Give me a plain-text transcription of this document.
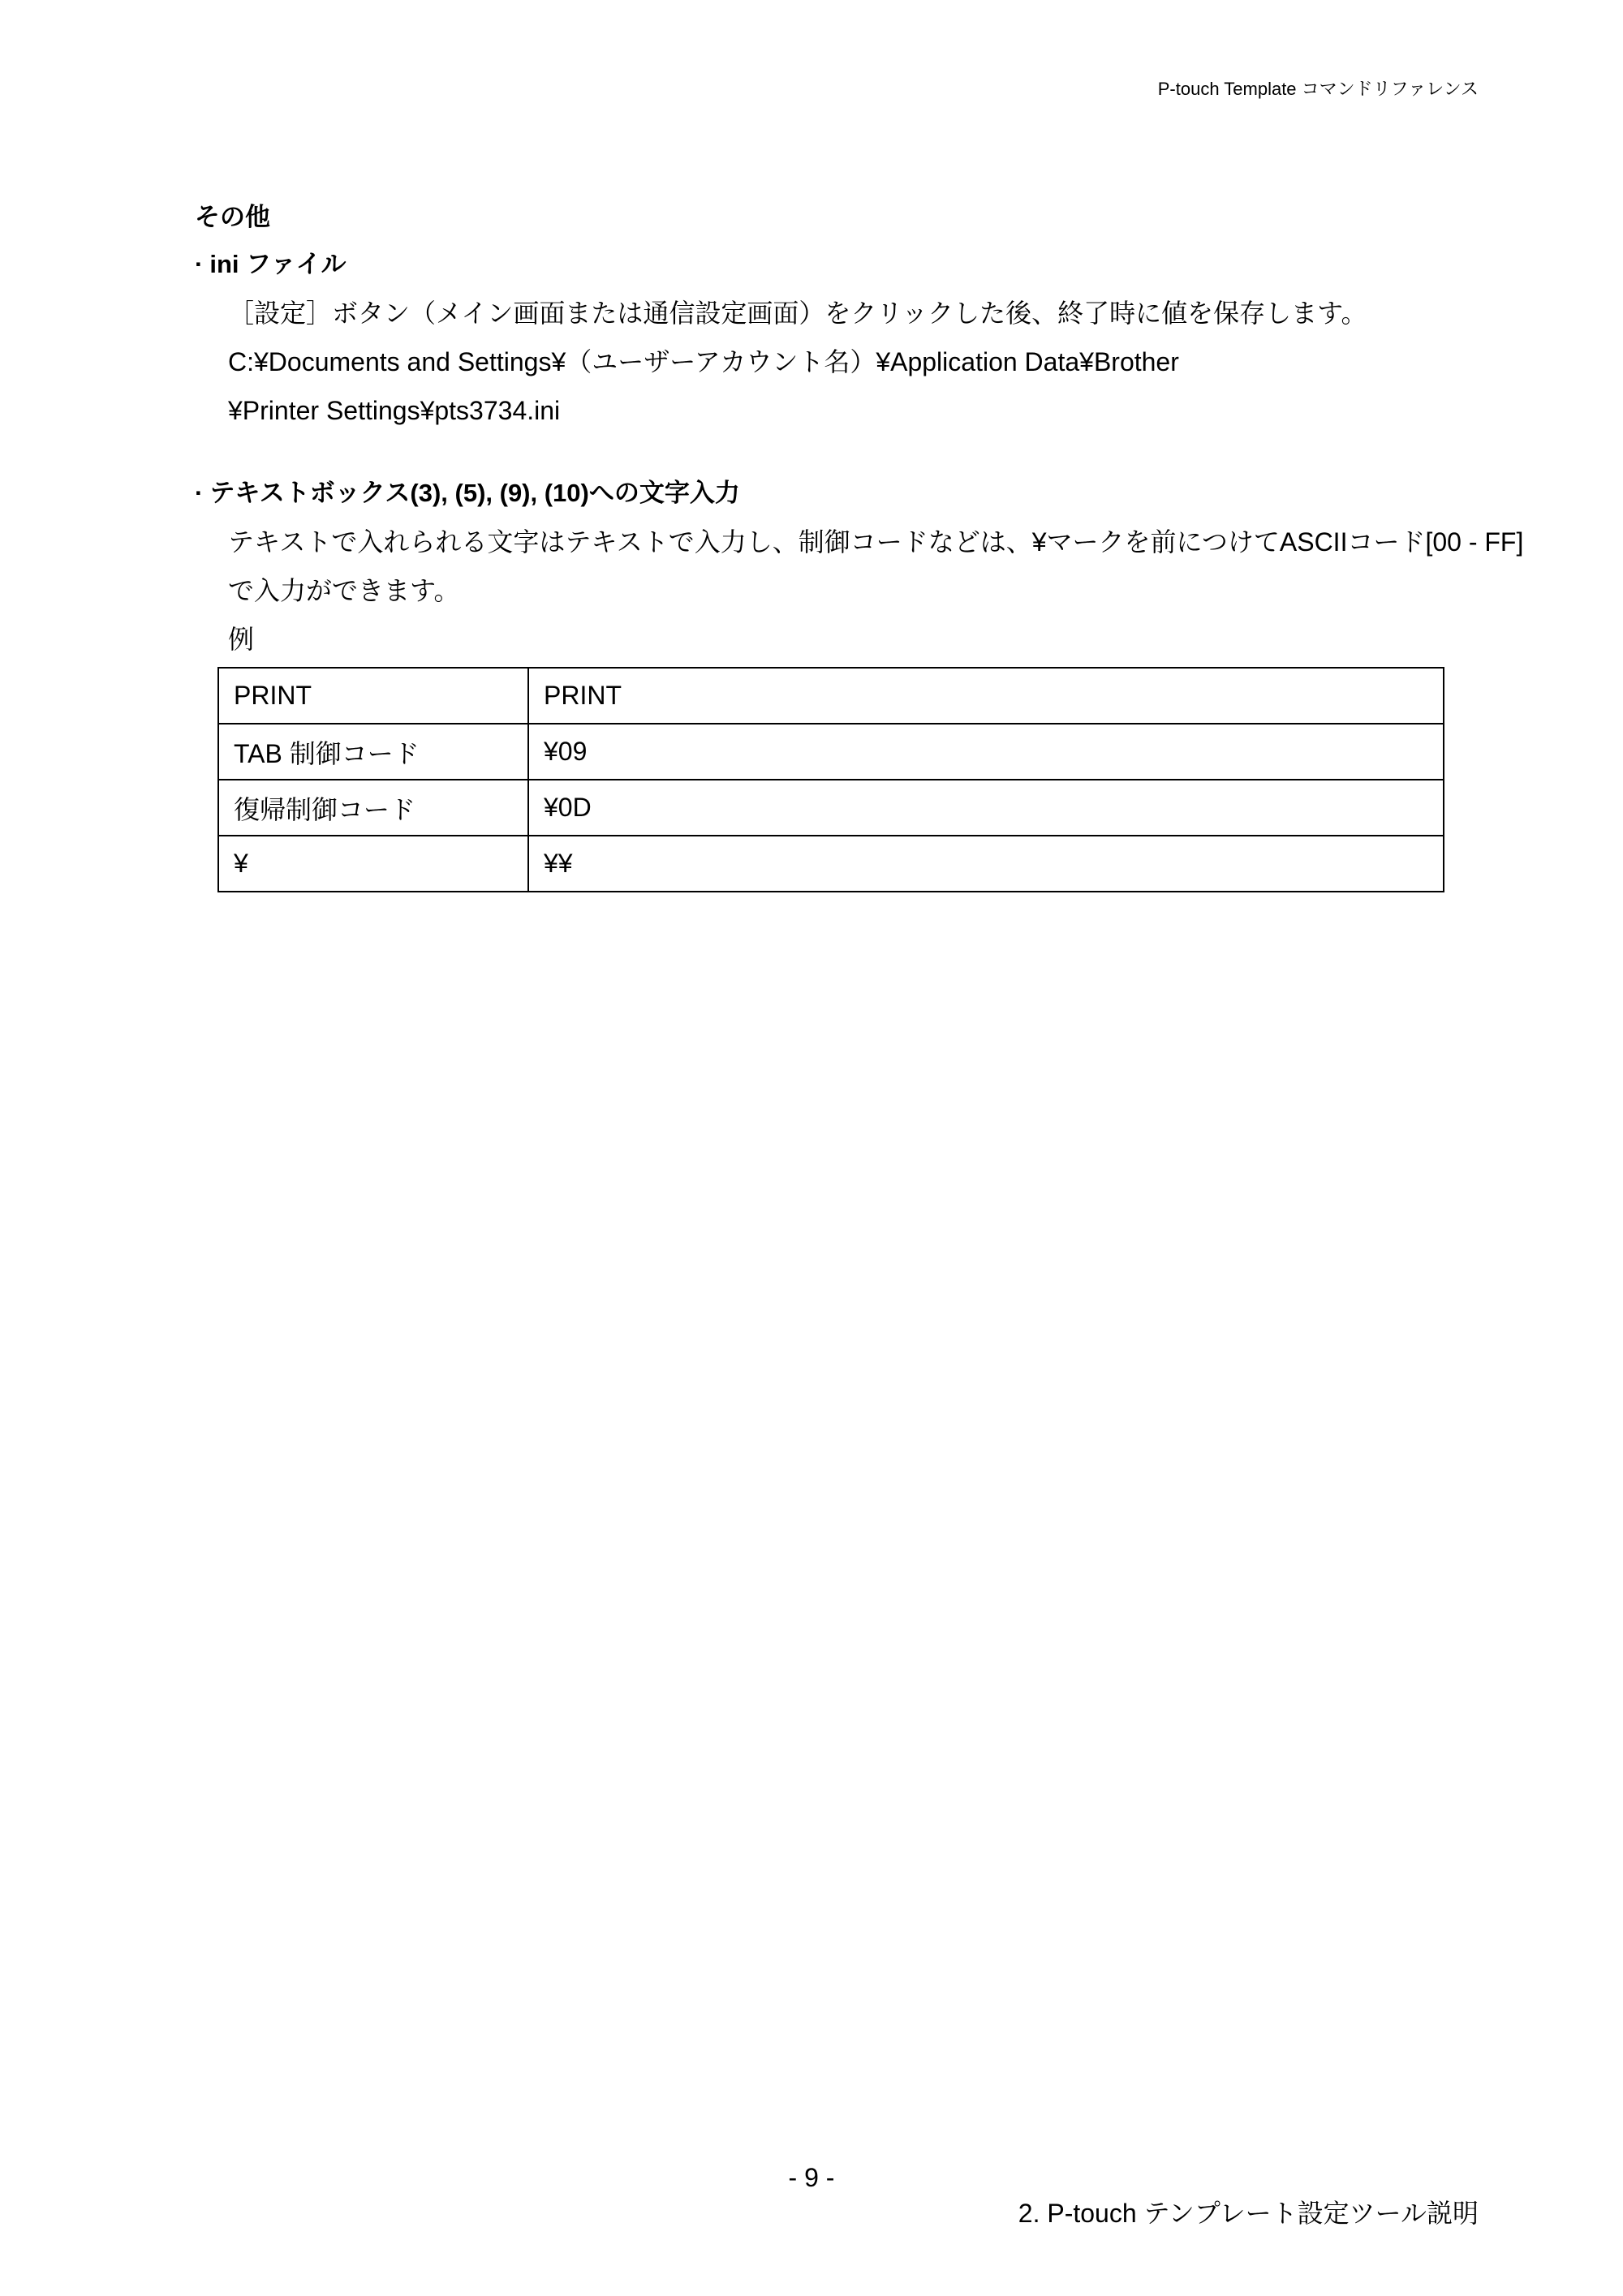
P-touch Template コマンドリファレンス
その他
· ini ファイル
［設定］ボタン（メイン画面または通信設定画面）をクリックした後、終了時に値を保存します。
C:¥Documents and Settings¥（ユーザーアカウント名）¥Application Data¥Brother
¥Printer Settings¥pts3734.ini
· テキストボックス(3), (5), (9), (10)への文字入力
テキストで入れられる文字はテキストで入力し、制御コードなどは、¥マークを前につけてASCIIコード[00 - FF]
で入力ができます。
例
PRINT	PRINT
TAB 制御コード	¥09
復帰制御コード	¥0D
¥	¥¥
- 9 -
2. P-touch テンプレート設定ツール説明
